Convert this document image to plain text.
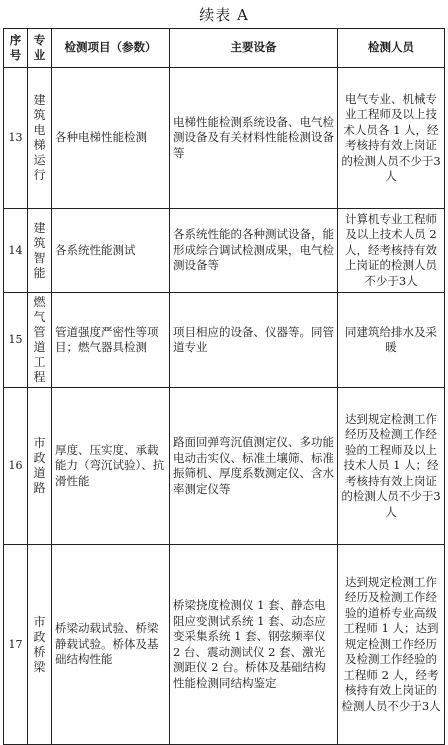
续表 A
序号	专业	检测项目（参数）	主要设备	检测人员
13	建筑电梯运行	各种电梯性能检测	电梯性能检测系统设备、电气检测设备及有关材料性能检测设备等	电气专业、机械专业工程师及以上技术人员各 1 人，经考核持有效上岗证的检测人员不少于3人
14	建筑智能	各系统性能测试	各系统性能的各种测试设备，能形成综合调试检测成果，电气检测设备等	计算机专业工程师及以上技术人员 2 人，经考核持有效上岗证的检测人员不少于3人
15	燃气管道工程	管道强度严密性等项目；燃气器具检测	项目相应的设备、仪器等。同管道专业	同建筑给排水及采暖
16	市政道路	厚度、压实度、承载能力（弯沉试验）、抗滑性能	路面回弹弯沉值测定仪、多功能电动击实仪、标准土壤筛、标准振筛机、厚度系数测定仪、含水率测定仪等	达到规定检测工作经历及检测工作经验的工程师及以上技术人员 1 人；经考核持有效上岗证的检测人员不少于3人
17	市政桥梁	桥梁动载试验、桥梁静载试验。桥体及基础结构性能	桥梁挠度检测仪 1 套、静态电阻应变测试系统 1 套、动态应变采集系统 1 套、钢弦频率仪 2 台、震动测试仪 2 套、激光测距仪 2 台。桥体及基础结构性能检测同结构鉴定	达到规定检测工作经历及检测工作经验的道桥专业高级工程师 1 人；达到规定检测工作经历及检测工作经验的工程师 2 人，经考核持有效上岗证的检测人员不少于3人
